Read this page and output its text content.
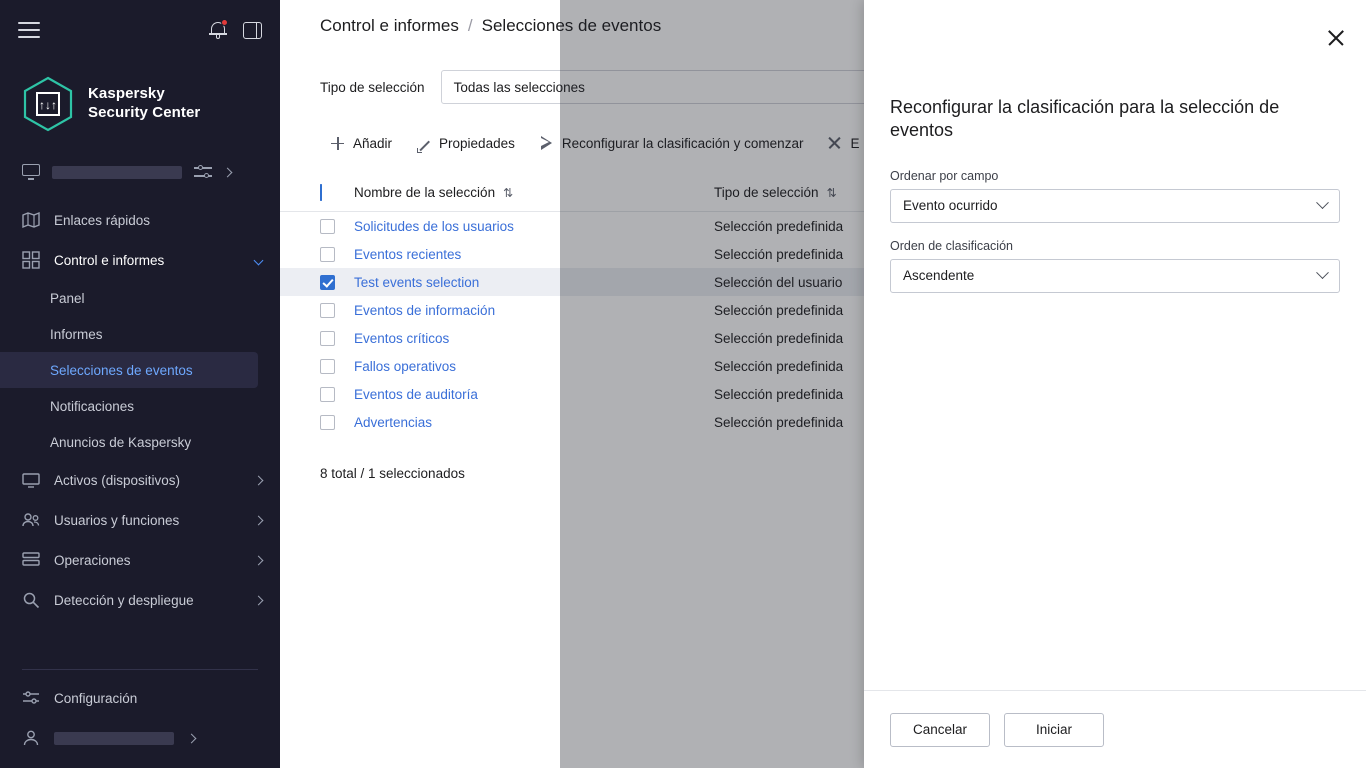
↑↓↑
Kaspersky
Security Center
Enlaces rápidos
Control e informes
Panel
Informes
Selecciones de eventos
Notificaciones
Anuncios de Kaspersky
Activos (dispositivos)
Usuarios y funciones
Operaciones
Detección y despliegue
Configuración
Control e informes / Selecciones de eventos
Tipo de selección Todas las selecciones
Añadir	Propiedades	Reconfigurar la clasificación y comenzar	E
Nombre de la selección ⇅	Tipo de selección ⇅
Solicitudes de los usuarios	Selección predefinida
Eventos recientes	Selección predefinida
Test events selection	Selección del usuario
Eventos de información	Selección predefinida
Eventos críticos	Selección predefinida
Fallos operativos	Selección predefinida
Eventos de auditoría	Selección predefinida
Advertencias	Selección predefinida
8 total / 1 seleccionados
Reconfigurar la clasificación para la selección de eventos
Ordenar por campo
Evento ocurrido
Orden de clasificación
Ascendente
Cancelar	Iniciar
